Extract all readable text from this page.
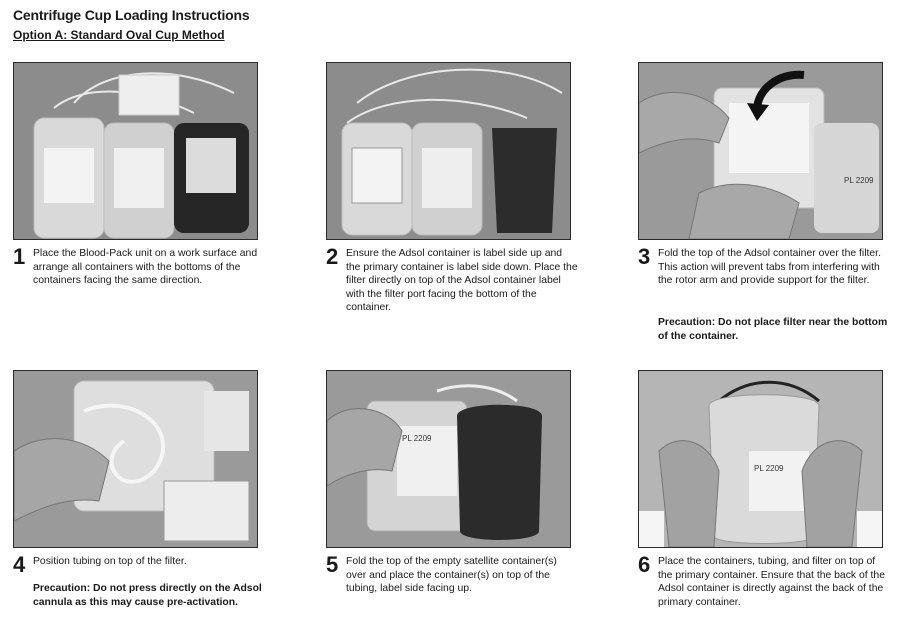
Centrifuge Cup Loading Instructions
Option A: Standard Oval Cup Method
1 Place the Blood-Pack unit on a work surface and arrange all containers with the bottoms of the containers facing the same direction.
2 Ensure the Adsol container is label side up and the primary container is label side down. Place the filter directly on top of the Adsol container label with the filter port facing the bottom of the container.
PL 2209
3 Fold the top of the Adsol container over the filter. This action will prevent tabs from interfering with the rotor arm and provide support for the filter.
Precaution: Do not place filter near the bottom of the container.
4 Position tubing on top of the filter.
Precaution: Do not press directly on the Adsol cannula as this may cause pre-activation.
PL 2209
5 Fold the top of the empty satellite container(s) over and place the container(s) on top of the tubing, label side facing up.
PL 2209
6 Place the containers, tubing, and filter on top of the primary container. Ensure that the back of the Adsol container is directly against the back of the primary container.
